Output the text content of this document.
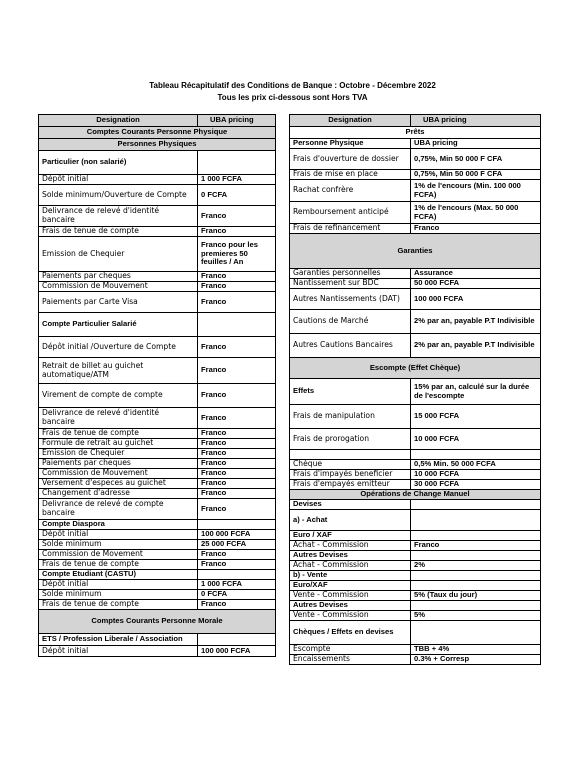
Tableau Récapitulatif des Conditions de Banque : Octobre - Décembre 2022
Tous les prix ci-dessous sont Hors TVA
Designation	UBA pricing
Comptes Courants Personne Physique	
Personnes Physiques	
Particulier (non salarié)	
Dépôt initial	1 000 FCFA
Solde minimum/Ouverture de Compte	0 FCFA
Delivrance de relevé d'identité bancaire	Franco
Frais de tenue de compte	Franco
Emission de Chequier	Franco pour les premieres 50 feuilles / An
Paiements par cheques	Franco
Commission de Mouvement	Franco
Paiements par Carte Visa	Franco
Compte Particulier Salarié	
Dépôt initial /Ouverture de Compte	Franco
Retrait de billet au guichet automatique/ATM	Franco
Virement de compte de compte	Franco
Delivrance de relevé d'identité bancaire	Franco
Frais de tenue de compte	Franco
Formule de retrait au guichet	Franco
Emission de Chequier	Franco
Paiements par cheques	Franco
Commission de Mouvement	Franco
Versement d'especes au guichet	Franco
Changement d'adresse	Franco
Delivrance de relevé de compte bancaire	Franco
Compte Diaspora	
Dépôt initial	100 000 FCFA
Solde minimum	25 000 FCFA
Commission de Movement	Franco
Frais de tenue de compte	Franco
Compte Etudiant (CASTU)	
Dépôt initial	1 000 FCFA
Solde minimum	0 FCFA
Frais de tenue de compte	Franco
Comptes Courants Personne Morale	
ETS / Profession Liberale / Association	
Dépôt initial	100 000 FCFA
Designation	UBA pricing
Prêts	
Personne Physique	UBA pricing
Frais d'ouverture de dossier	0,75%, Min 50 000 F CFA
Frais de mise en place	0,75%, Min 50 000 F CFA
Rachat confrère	1% de l'encours (Min. 100 000 FCFA)
Remboursement anticipé	1% de l'encours (Max. 50 000 FCFA)
Frais de refinancement	Franco
Garanties	
Garanties personnelles	Assurance
Nantissement sur BDC	50 000 FCFA
Autres Nantissements (DAT)	100 000 FCFA
Cautions de Marché	2% par an, payable P.T Indivisible
Autres Cautions Bancaires	2% par an, payable P.T Indivisible
Escompte (Effet Chèque)	
Effets	15% par an, calculé sur la durée de l'escompte
Frais de manipulation	15 000 FCFA
Frais de prorogation	10 000 FCFA

Chèque	0,5% Min. 50 000 FCFA
Frais d'impayés beneficier	10 000 FCFA
Frais d'empayés emitteur	30 000 FCFA
Opérations de Change Manuel	
Devises	
a) - Achat	
Euro / XAF	
Achat - Commission	Franco
Autres Devises	
Achat - Commission	2%
b) - Vente	
Euro/XAF	
Vente - Commission	5% (Taux du jour)
Autres Devises	
Vente - Commission	5%
Chèques / Effets en devises	
Escompte	TBB + 4%
Encaissements	0.3% + Corresp
